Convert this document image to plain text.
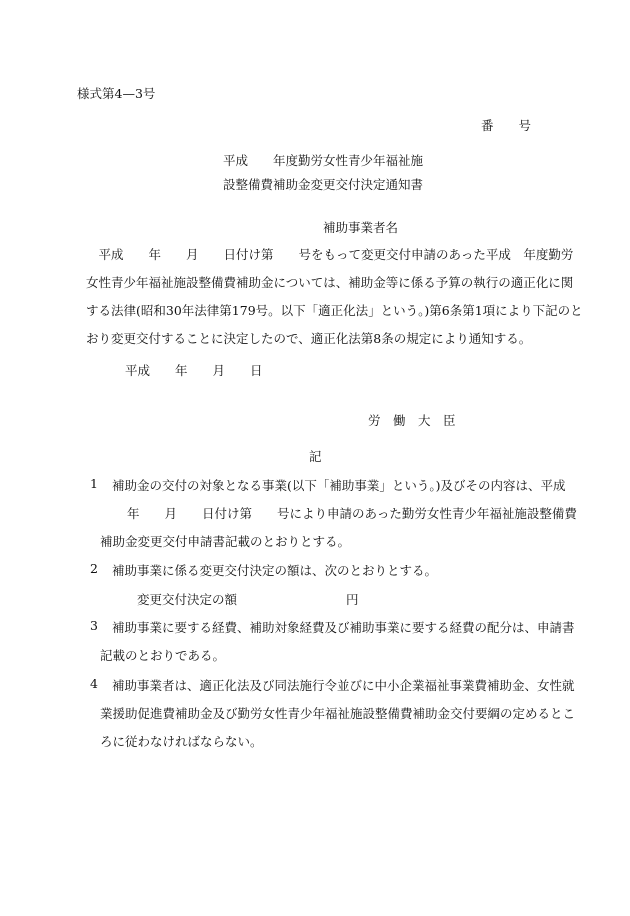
様式第4—3号
番　　号
平成　　年度勤労女性青少年福祉施
設整備費補助金変更交付決定通知書
補助事業者名
　平成　　年　　月　　日付け第　　号をもって変更交付申請のあった平成　年度勤労
女性青少年福祉施設整備費補助金については、補助金等に係る予算の執行の適正化に関
する法律(昭和30年法律第179号。以下「適正化法」という。)第6条第1項により下記のと
おり変更交付することに決定したので、適正化法第8条の規定により通知する。
平成　　年　　月　　日
労　働　大　臣
記
1 補助金の交付の対象となる事業(以下「補助事業」という。)及びその内容は、平成
年　　月　　日付け第　　号により申請のあった勤労女性青少年福祉施設整備費
補助金変更交付申請書記載のとおりとする。
2 補助事業に係る変更交付決定の額は、次のとおりとする。
変更交付決定の額	円
3 補助事業に要する経費、補助対象経費及び補助事業に要する経費の配分は、申請書
記載のとおりである。
4 補助事業者は、適正化法及び同法施行令並びに中小企業福祉事業費補助金、女性就
業援助促進費補助金及び勤労女性青少年福祉施設整備費補助金交付要綱の定めるとこ
ろに従わなければならない。
